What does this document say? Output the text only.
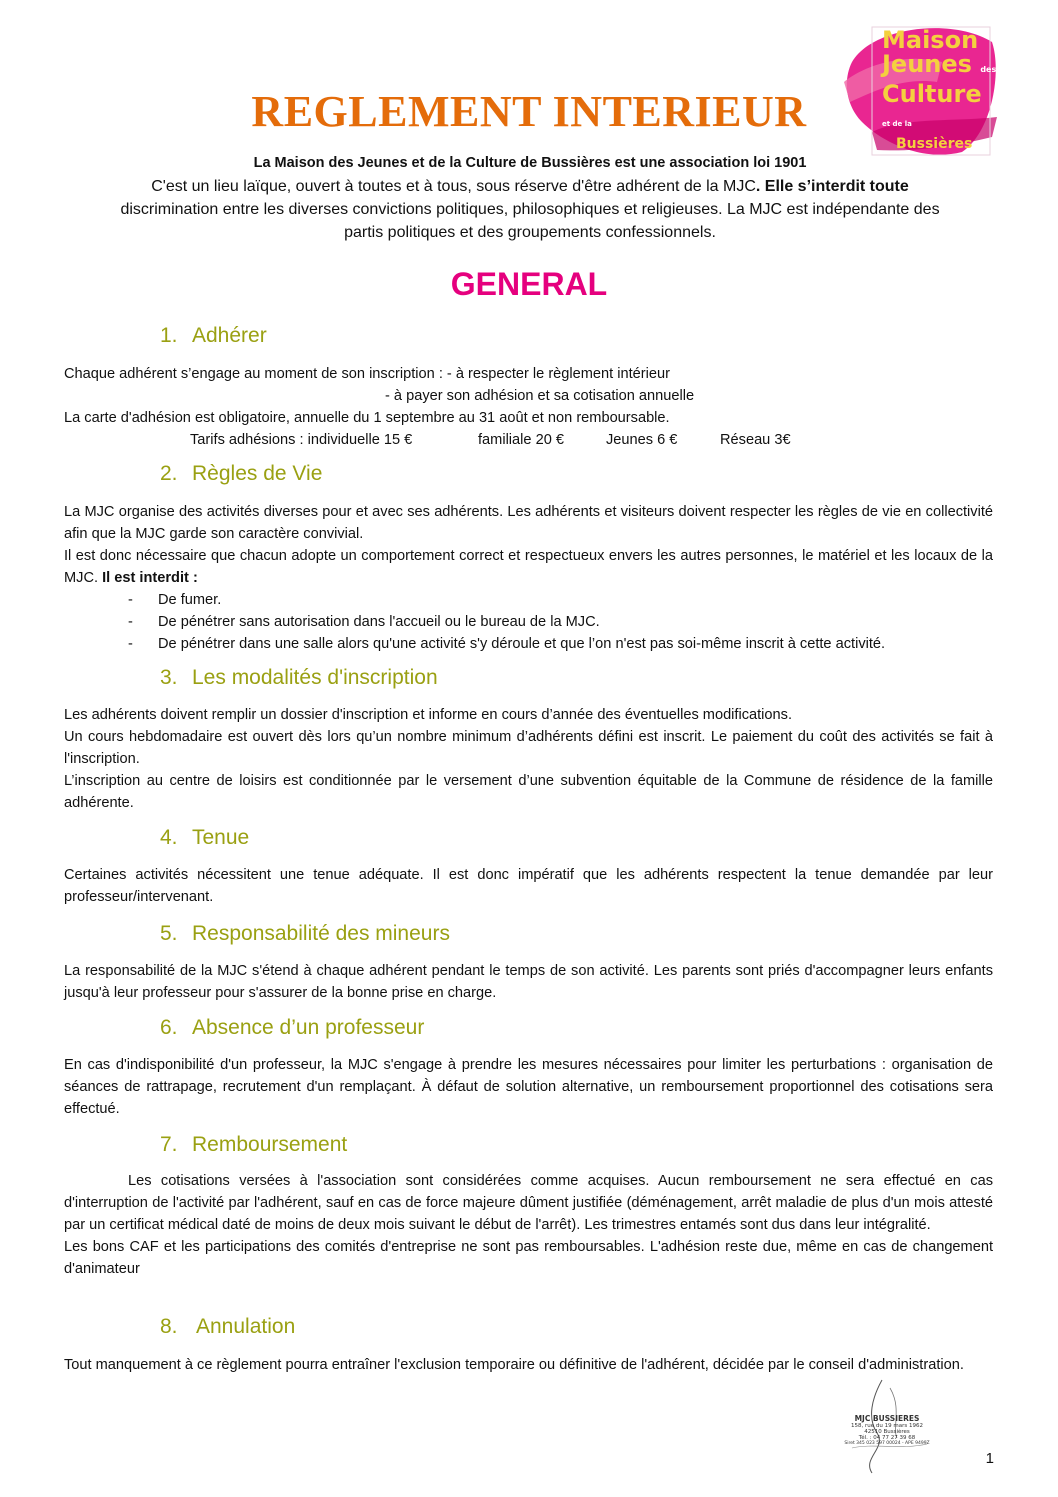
Maison
Jeunes des
Culture et de la
Bussières
REGLEMENT INTERIEUR
La Maison des Jeunes et de la Culture de Bussières est une association loi 1901
C'est un lieu laïque, ouvert à toutes et à tous, sous réserve d'être adhérent de la MJC. Elle s’interdit toute
discrimination entre les diverses convictions politiques, philosophiques et religieuses. La MJC est indépendante des
partis politiques et des groupements confessionnels.
GENERAL
1. Adhérer
Chaque adhérent s’engage au moment de son inscription : - à respecter le règlement intérieur
- à payer son adhésion et sa cotisation annuelle
La carte d'adhésion est obligatoire, annuelle du 1 septembre au 31 août et non remboursable.
Tarifs adhésions : individuelle 15 €	familiale 20 €	Jeunes 6 €	Réseau 3€
2. Règles de Vie

La MJC organise des activités diverses pour et avec ses adhérents. Les adhérents et visiteurs doivent respecter les règles de vie en collectivité afin que la MJC garde son caractère convivial.

Il est donc nécessaire que chacun adopte un comportement correct et respectueux envers les autres personnes, le matériel et les locaux de la MJC. Il est interdit :

- De fumer.
- De pénétrer sans autorisation dans l'accueil ou le bureau de la MJC.
- De pénétrer dans une salle alors qu'une activité s'y déroule et que l’on n'est pas soi-même inscrit à cette activité.
3. Les modalités d'inscription

Les adhérents doivent remplir un dossier d'inscription et informe en cours d’année des éventuelles modifications.

Un cours hebdomadaire est ouvert dès lors qu’un nombre minimum d’adhérents défini est inscrit. Le paiement du coût des activités se fait à l'inscription.

L’inscription au centre de loisirs est conditionnée par le versement d’une subvention équitable de la Commune de résidence de la famille adhérente.

4. Tenue

Certaines activités nécessitent une tenue adéquate. Il est donc impératif que les adhérents respectent la tenue demandée par leur professeur/intervenant.

5. Responsabilité des mineurs

La responsabilité de la MJC s'étend à chaque adhérent pendant le temps de son activité. Les parents sont priés d'accompagner leurs enfants jusqu'à leur professeur pour s'assurer de la bonne prise en charge.

6. Absence d’un professeur

En cas d'indisponibilité d'un professeur, la MJC s'engage à prendre les mesures nécessaires pour limiter les perturbations : organisation de séances de rattrapage, recrutement d'un remplaçant. À défaut de solution alternative, un remboursement proportionnel des cotisations sera effectué.

7. Remboursement

Les cotisations versées à l'association sont considérées comme acquises. Aucun remboursement ne sera effectué en cas d'interruption de l'activité par l'adhérent, sauf en cas de force majeure dûment justifiée (déménagement, arrêt maladie de plus d'un mois attesté par un certificat médical daté de moins de deux mois suivant le début de l'arrêt). Les trimestres entamés sont dus dans leur intégralité.

Les bons CAF et les participations des comités d'entreprise ne sont pas remboursables. L'adhésion reste due, même en cas de changement d'animateur

8. Annulation

Tout manquement à ce règlement pourra entraîner l'exclusion temporaire ou définitive de l'adhérent, décidée par le conseil d'administration.

MJC BUSSIERES
158, rue du 19 mars 1962
42510 Bussières
Tél. : 04 77 27 39 68
Siret 345 023 597 00024 - APE 9499Z
1
